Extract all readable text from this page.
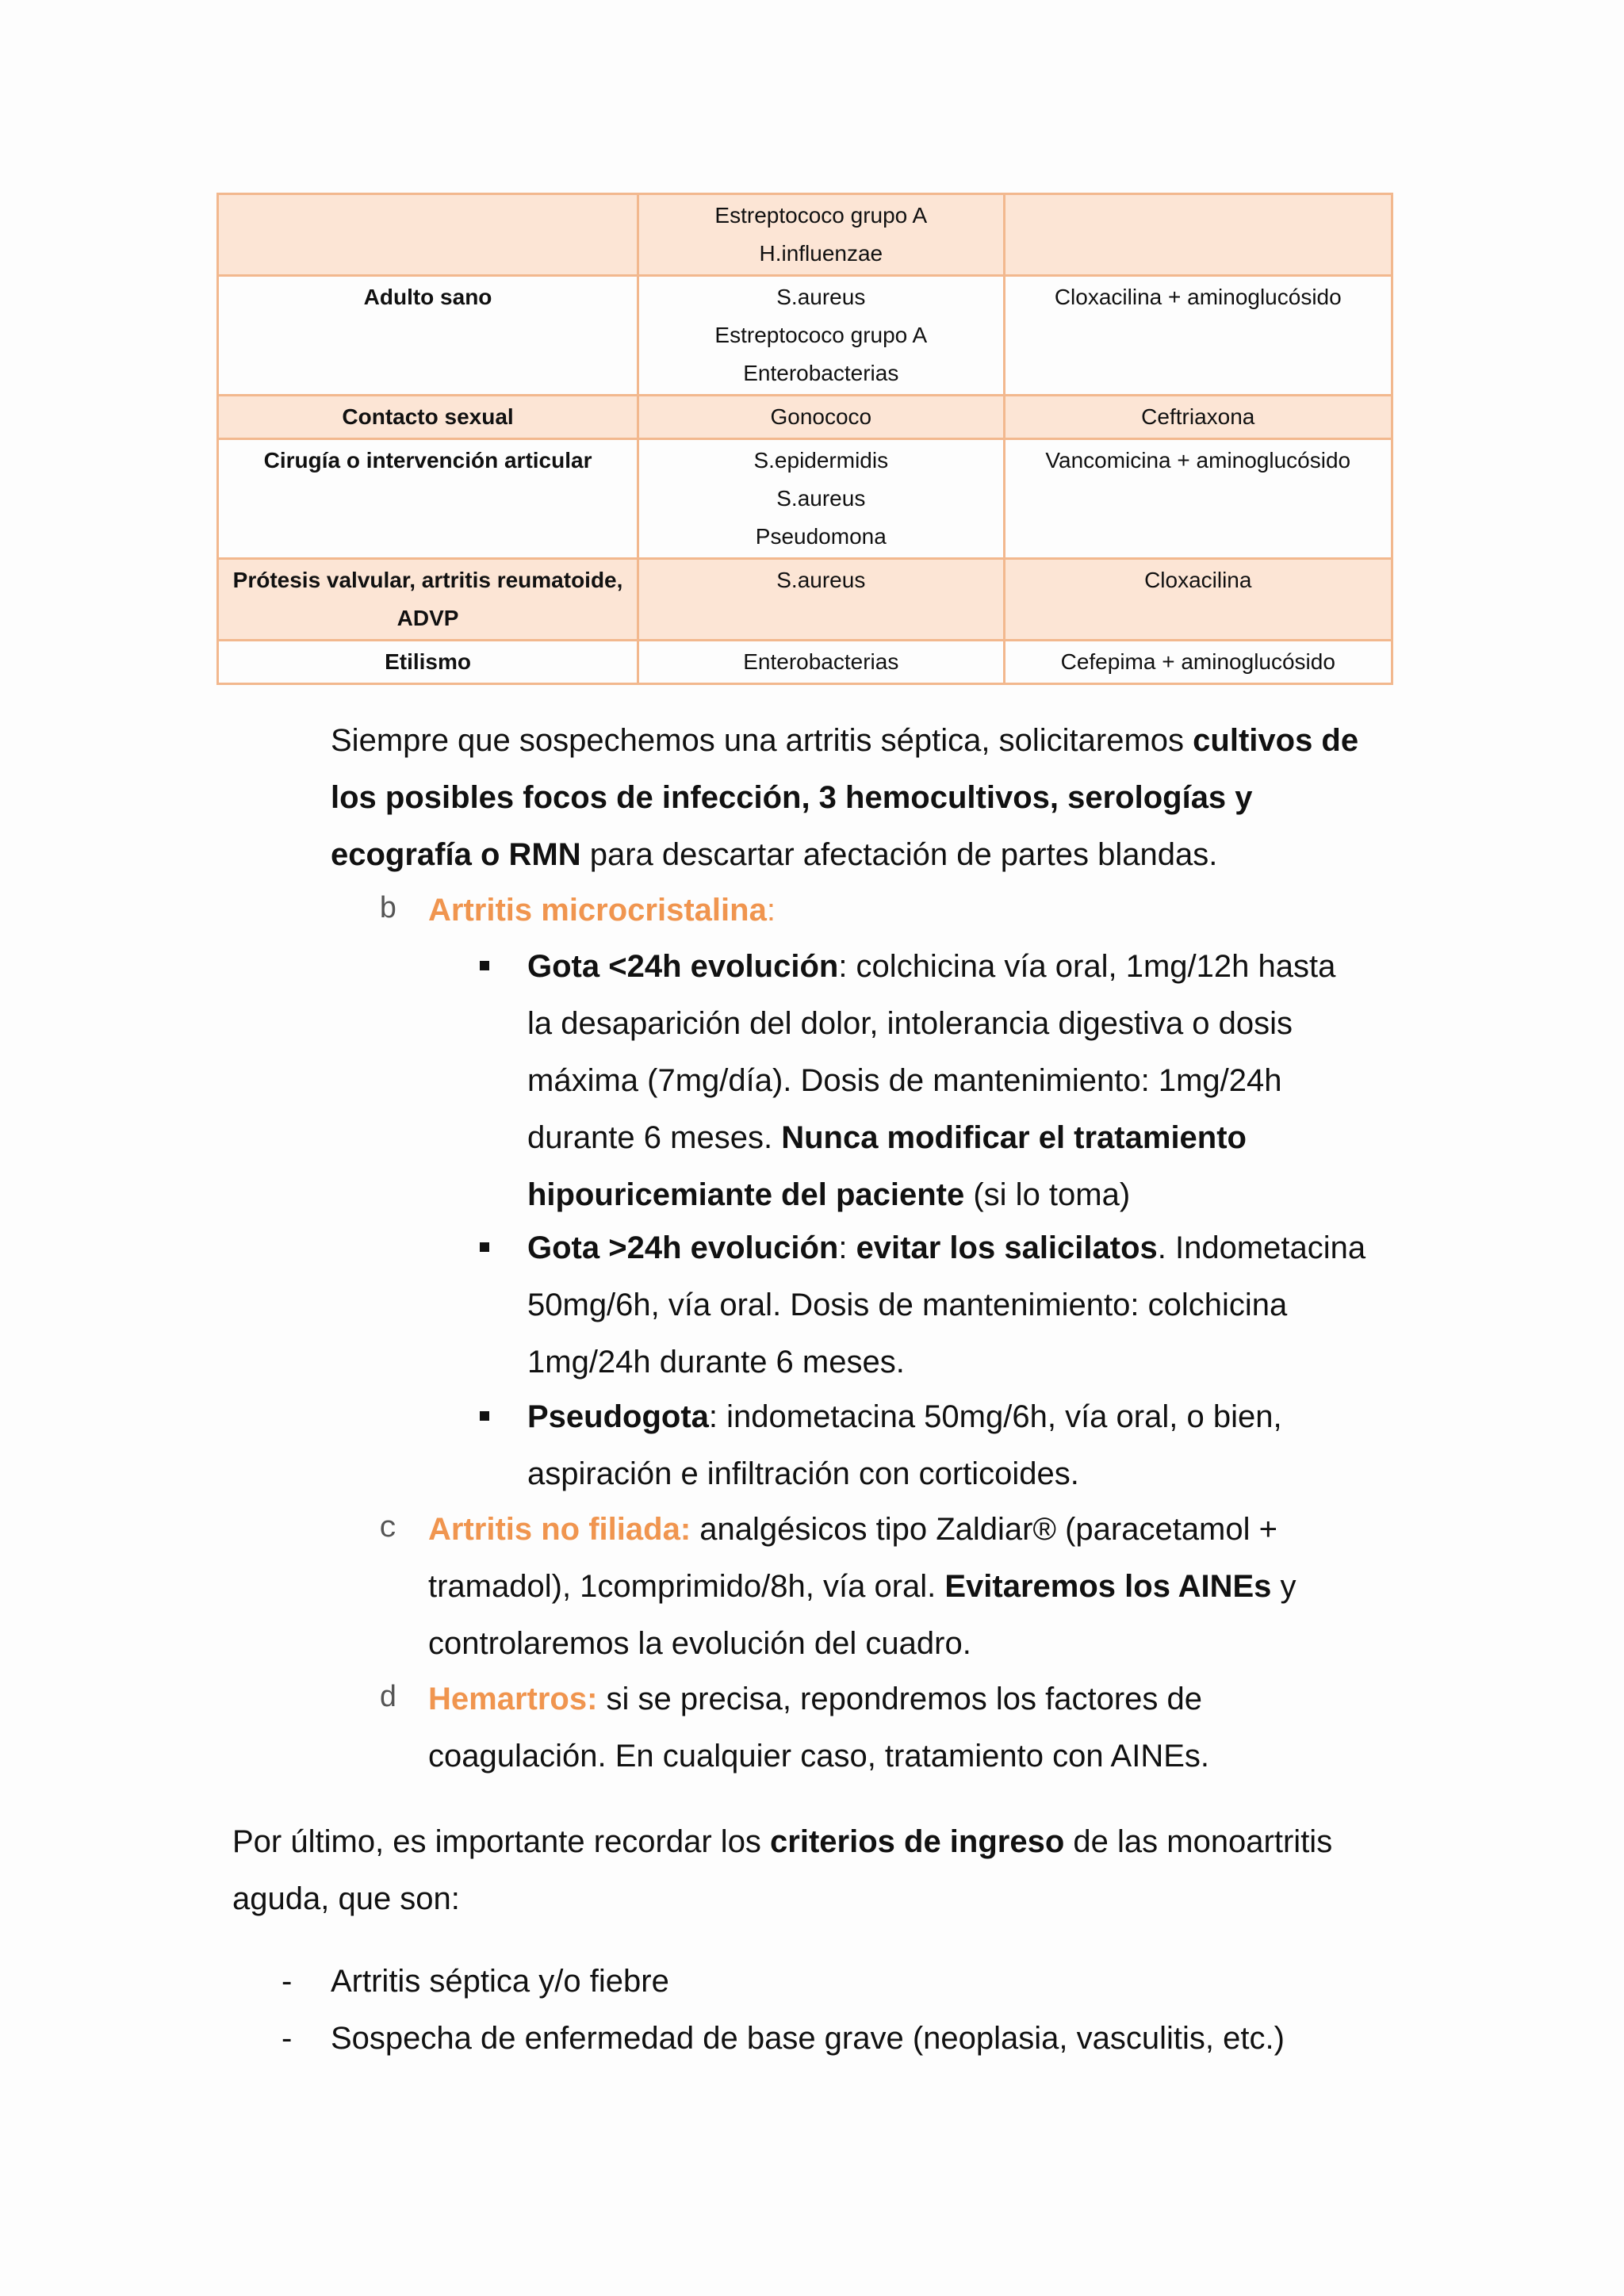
	Estreptococo grupo A
H.influenzae	

Adulto sano	S.aureus
Estreptococo grupo A
Enterobacterias	Cloxacilina + aminoglucósido

Contacto sexual	Gonococo	Ceftriaxona

Cirugía o intervención articular	S.epidermidis
S.aureus
Pseudomona	Vancomicina + aminoglucósido

Prótesis valvular, artritis reumatoide,
ADVP	S.aureus	Cloxacilina

Etilismo	Enterobacterias	Cefepima + aminoglucósido
Siempre que sospechemos una artritis séptica, solicitaremos cultivos de
los posibles focos de infección, 3 hemocultivos, serologías y
ecografía o RMN para descartar afectación de partes blandas.
b Artritis microcristalina:
Gota <24h evolución: colchicina vía oral, 1mg/12h hasta
la desaparición del dolor, intolerancia digestiva o dosis
máxima (7mg/día). Dosis de mantenimiento: 1mg/24h
durante 6 meses. Nunca modificar el tratamiento
hipouricemiante del paciente (si lo toma)
Gota >24h evolución: evitar los salicilatos. Indometacina
50mg/6h, vía oral. Dosis de mantenimiento: colchicina
1mg/24h durante 6 meses.
Pseudogota: indometacina 50mg/6h, vía oral, o bien,
aspiración e infiltración con corticoides.
c Artritis no filiada: analgésicos tipo Zaldiar® (paracetamol +
tramadol), 1comprimido/8h, vía oral. Evitaremos los AINEs y
controlaremos la evolución del cuadro.
d Hemartros: si se precisa, repondremos los factores de
coagulación. En cualquier caso, tratamiento con AINEs.
Por último, es importante recordar los criterios de ingreso de las monoartritis
aguda, que son:
- Artritis séptica y/o fiebre
- Sospecha de enfermedad de base grave (neoplasia, vasculitis, etc.)
